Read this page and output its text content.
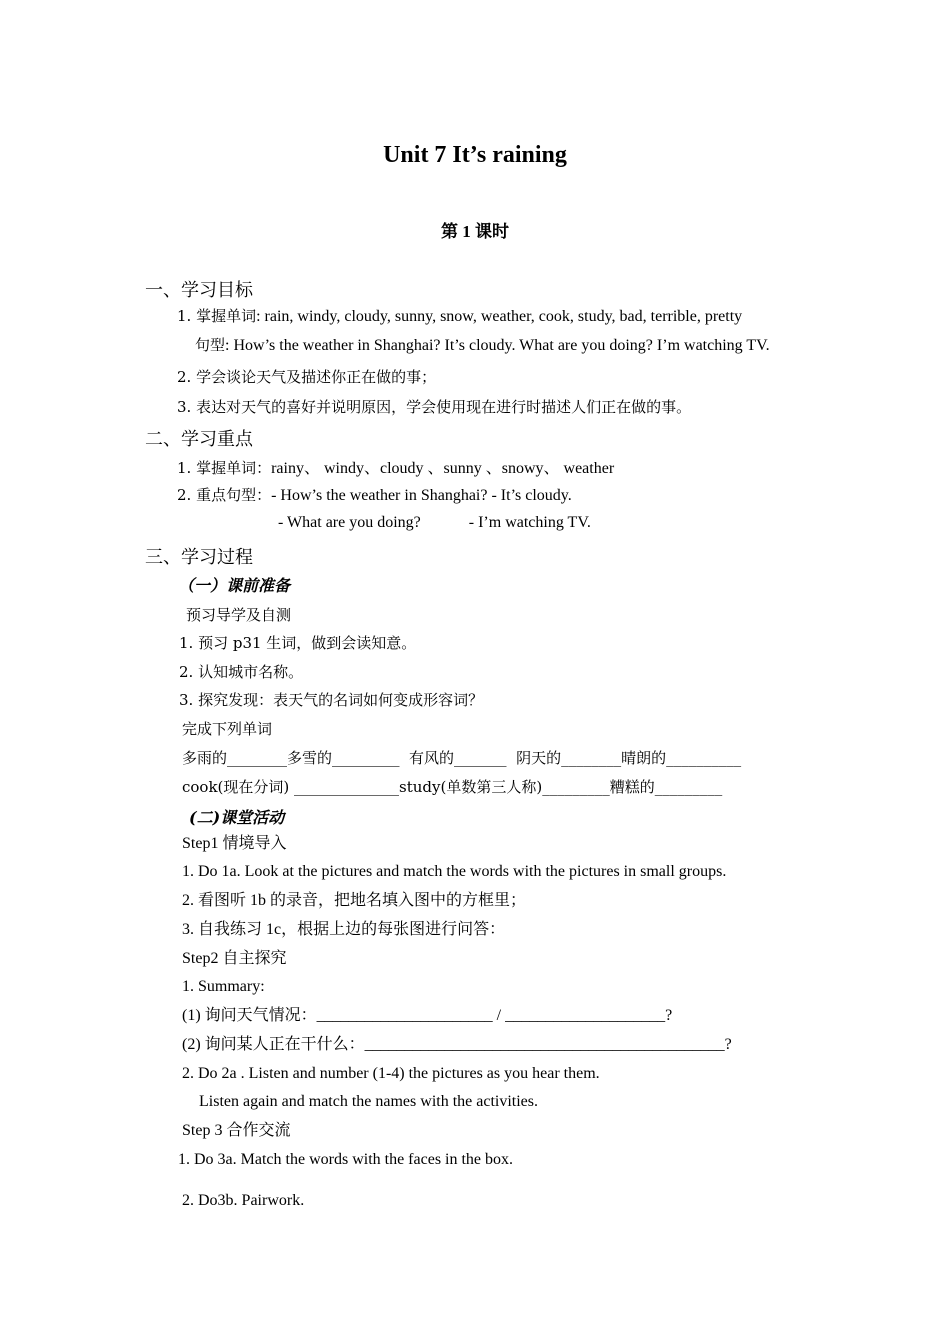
Unit 7 It’s raining
第 1 课时
一、学习目标
1. 掌握单词: rain, windy, cloudy, sunny, snow, weather, cook, study, bad, terrible, pretty
句型: How’s the weather in Shanghai? It’s cloudy. What are you doing? I’m watching TV.
2. 学会谈论天气及描述你正在做的事；
3. 表达对天气的喜好并说明原因，学会使用现在进行时描述人们正在做的事。
二、学习重点
1. 掌握单词：rainy、 windy、cloudy 、sunny 、snowy、 weather
2. 重点句型：- How’s the weather in Shanghai? - It’s cloudy.
- What are you doing?            - I’m watching TV.
三、学习过程
（一）课前准备
预习导学及自测
1. 预习 p31 生词，做到会读知意。
2. 认知城市名称。
3. 探究发现：表天气的名词如何变成形容词？
完成下列单词
多雨的________多雪的_________  有风的_______  阴天的________晴朗的__________
cook(现在分词) ______________study(单数第三人称)_________糟糕的_________
(二)课堂活动
Step1 情境导入
1. Do 1a. Look at the pictures and match the words with the pictures in small groups.
2. 看图听 1b 的录音，把地名填入图中的方框里；
3. 自我练习 1c，根据上边的每张图进行问答：
Step2 自主探究
1. Summary:
(1) 询问天气情况：______________________ / ____________________?
(2) 询问某人正在干什么：_____________________________________________?
2. Do 2a . Listen and number (1-4) the pictures as you hear them.
Listen again and match the names with the activities.
Step 3 合作交流
1. Do 3a. Match the words with the faces in the box.
2. Do3b. Pairwork.
